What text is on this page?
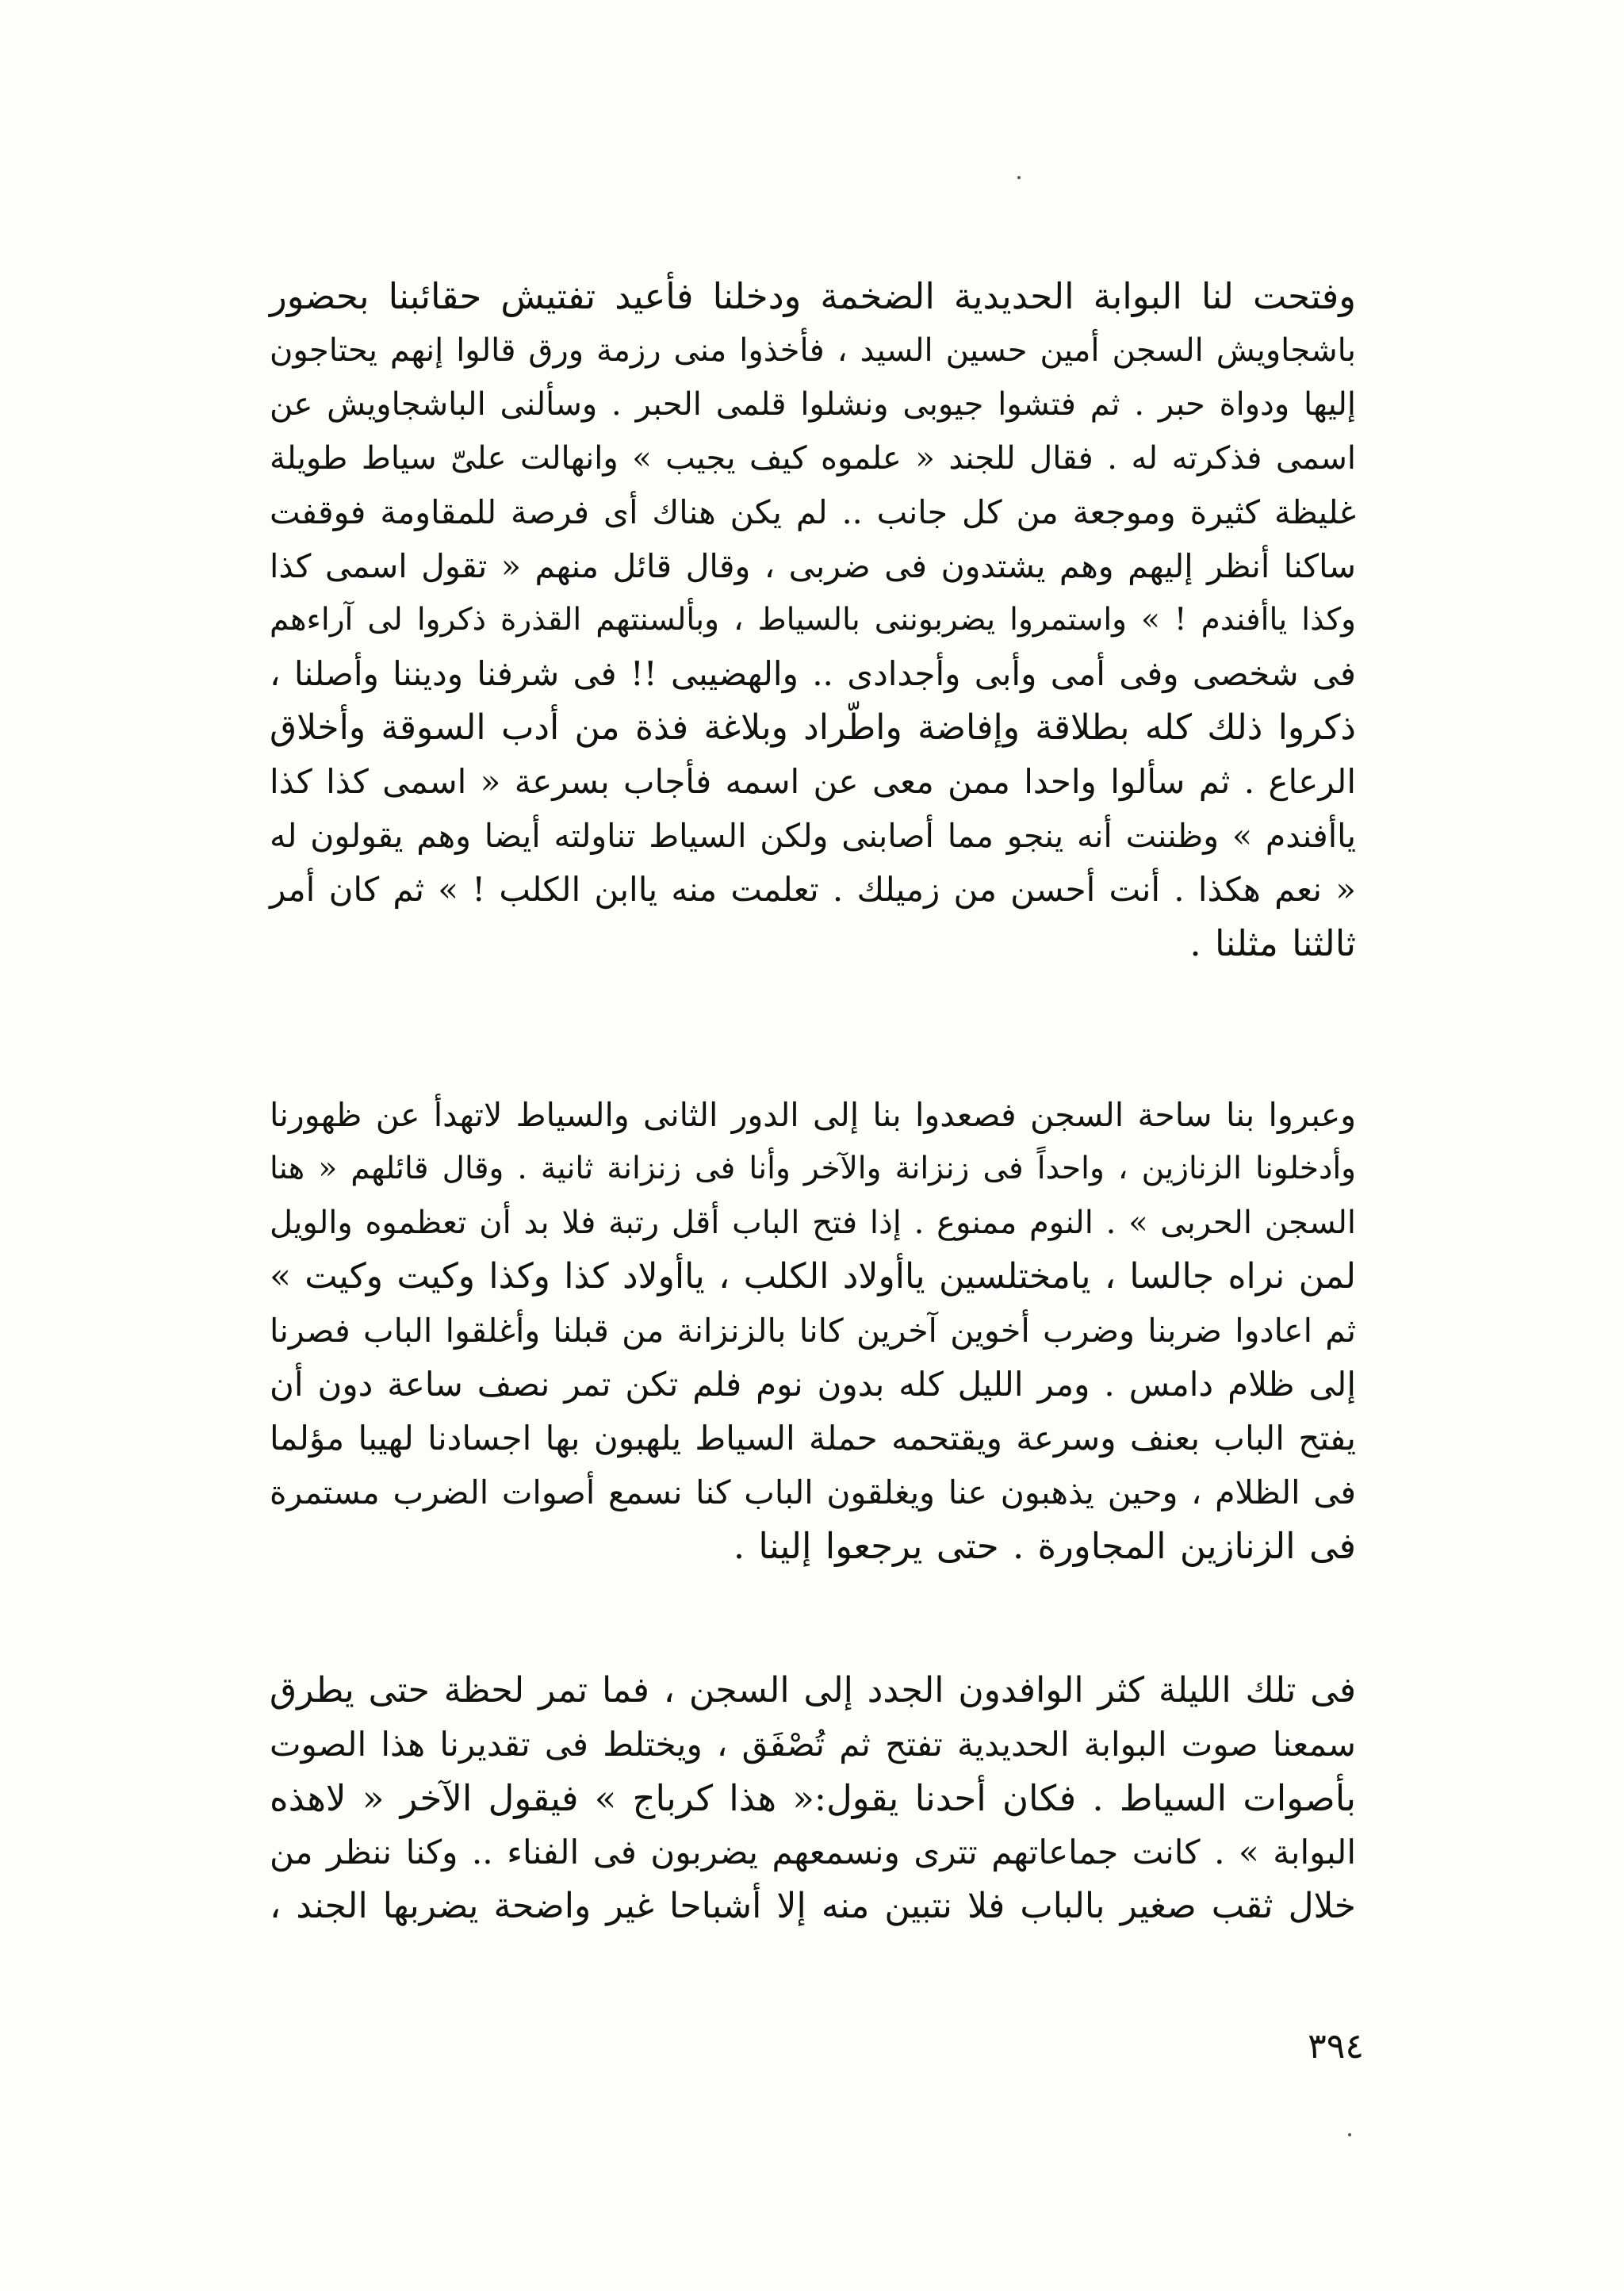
وفتحت لنا البوابة الحديدية الضخمة ودخلنا فأعيد تفتيش حقائبنا بحضور
باشجاويش السجن أمين حسين السيد ، فأخذوا منى رزمة ورق قالوا إنهم يحتاجون
إليها ودواة حبر . ثم فتشوا جيوبى ونشلوا قلمى الحبر . وسألنى الباشجاويش عن
اسمى فذكرته له . فقال للجند « علموه كيف يجيب » وانهالت علىّ سياط طويلة
غليظة كثيرة وموجعة من كل جانب .. لم يكن هناك أى فرصة للمقاومة فوقفت
ساكنا أنظر إليهم وهم يشتدون فى ضربى ، وقال قائل منهم « تقول اسمى كذا
وكذا ياأفندم ! » واستمروا يضربوننى بالسياط ، وبألسنتهم القذرة ذكروا لى آراءهم
فى شخصى وفى أمى وأبى وأجدادى .. والهضيبى !! فى شرفنا وديننا وأصلنا ،
ذكروا ذلك كله بطلاقة وإفاضة واطّراد وبلاغة فذة من أدب السوقة وأخلاق
الرعاع . ثم سألوا واحدا ممن معى عن اسمه فأجاب بسرعة « اسمى كذا كذا
ياأفندم » وظننت أنه ينجو مما أصابنى ولكن السياط تناولته أيضا وهم يقولون له
« نعم هكذا . أنت أحسن من زميلك . تعلمت منه ياابن الكلب ! » ثم كان أمر
ثالثنا مثلنا .

وعبروا بنا ساحة السجن فصعدوا بنا إلى الدور الثانى والسياط لاتهدأ عن ظهورنا
وأدخلونا الزنازين ، واحداً فى زنزانة والآخر وأنا فى زنزانة ثانية . وقال قائلهم « هنا
السجن الحربى » . النوم ممنوع . إذا فتح الباب أقل رتبة فلا بد أن تعظموه والويل
لمن نراه جالسا ، يامختلسين ياأولاد الكلب ، ياأولاد كذا وكذا وكيت وكيت »
ثم اعادوا ضربنا وضرب أخوين آخرين كانا بالزنزانة من قبلنا وأغلقوا الباب فصرنا
إلى ظلام دامس . ومر الليل كله بدون نوم فلم تكن تمر نصف ساعة دون أن
يفتح الباب بعنف وسرعة ويقتحمه حملة السياط يلهبون بها اجسادنا لهيبا مؤلما
فى الظلام ، وحين يذهبون عنا ويغلقون الباب كنا نسمع أصوات الضرب مستمرة
فى الزنازين المجاورة . حتى يرجعوا إلينا .

فى تلك الليلة كثر الوافدون الجدد إلى السجن ، فما تمر لحظة حتى يطرق
سمعنا صوت البوابة الحديدية تفتح ثم تُصْفَق ، ويختلط فى تقديرنا هذا الصوت
بأصوات السياط . فكان أحدنا يقول:« هذا كرباج » فيقول الآخر « لاهذه
البوابة » . كانت جماعاتهم تترى ونسمعهم يضربون فى الفناء .. وكنا ننظر من
خلال ثقب صغير بالباب فلا نتبين منه إلا أشباحا غير واضحة يضربها الجند ،

٣٩٤
